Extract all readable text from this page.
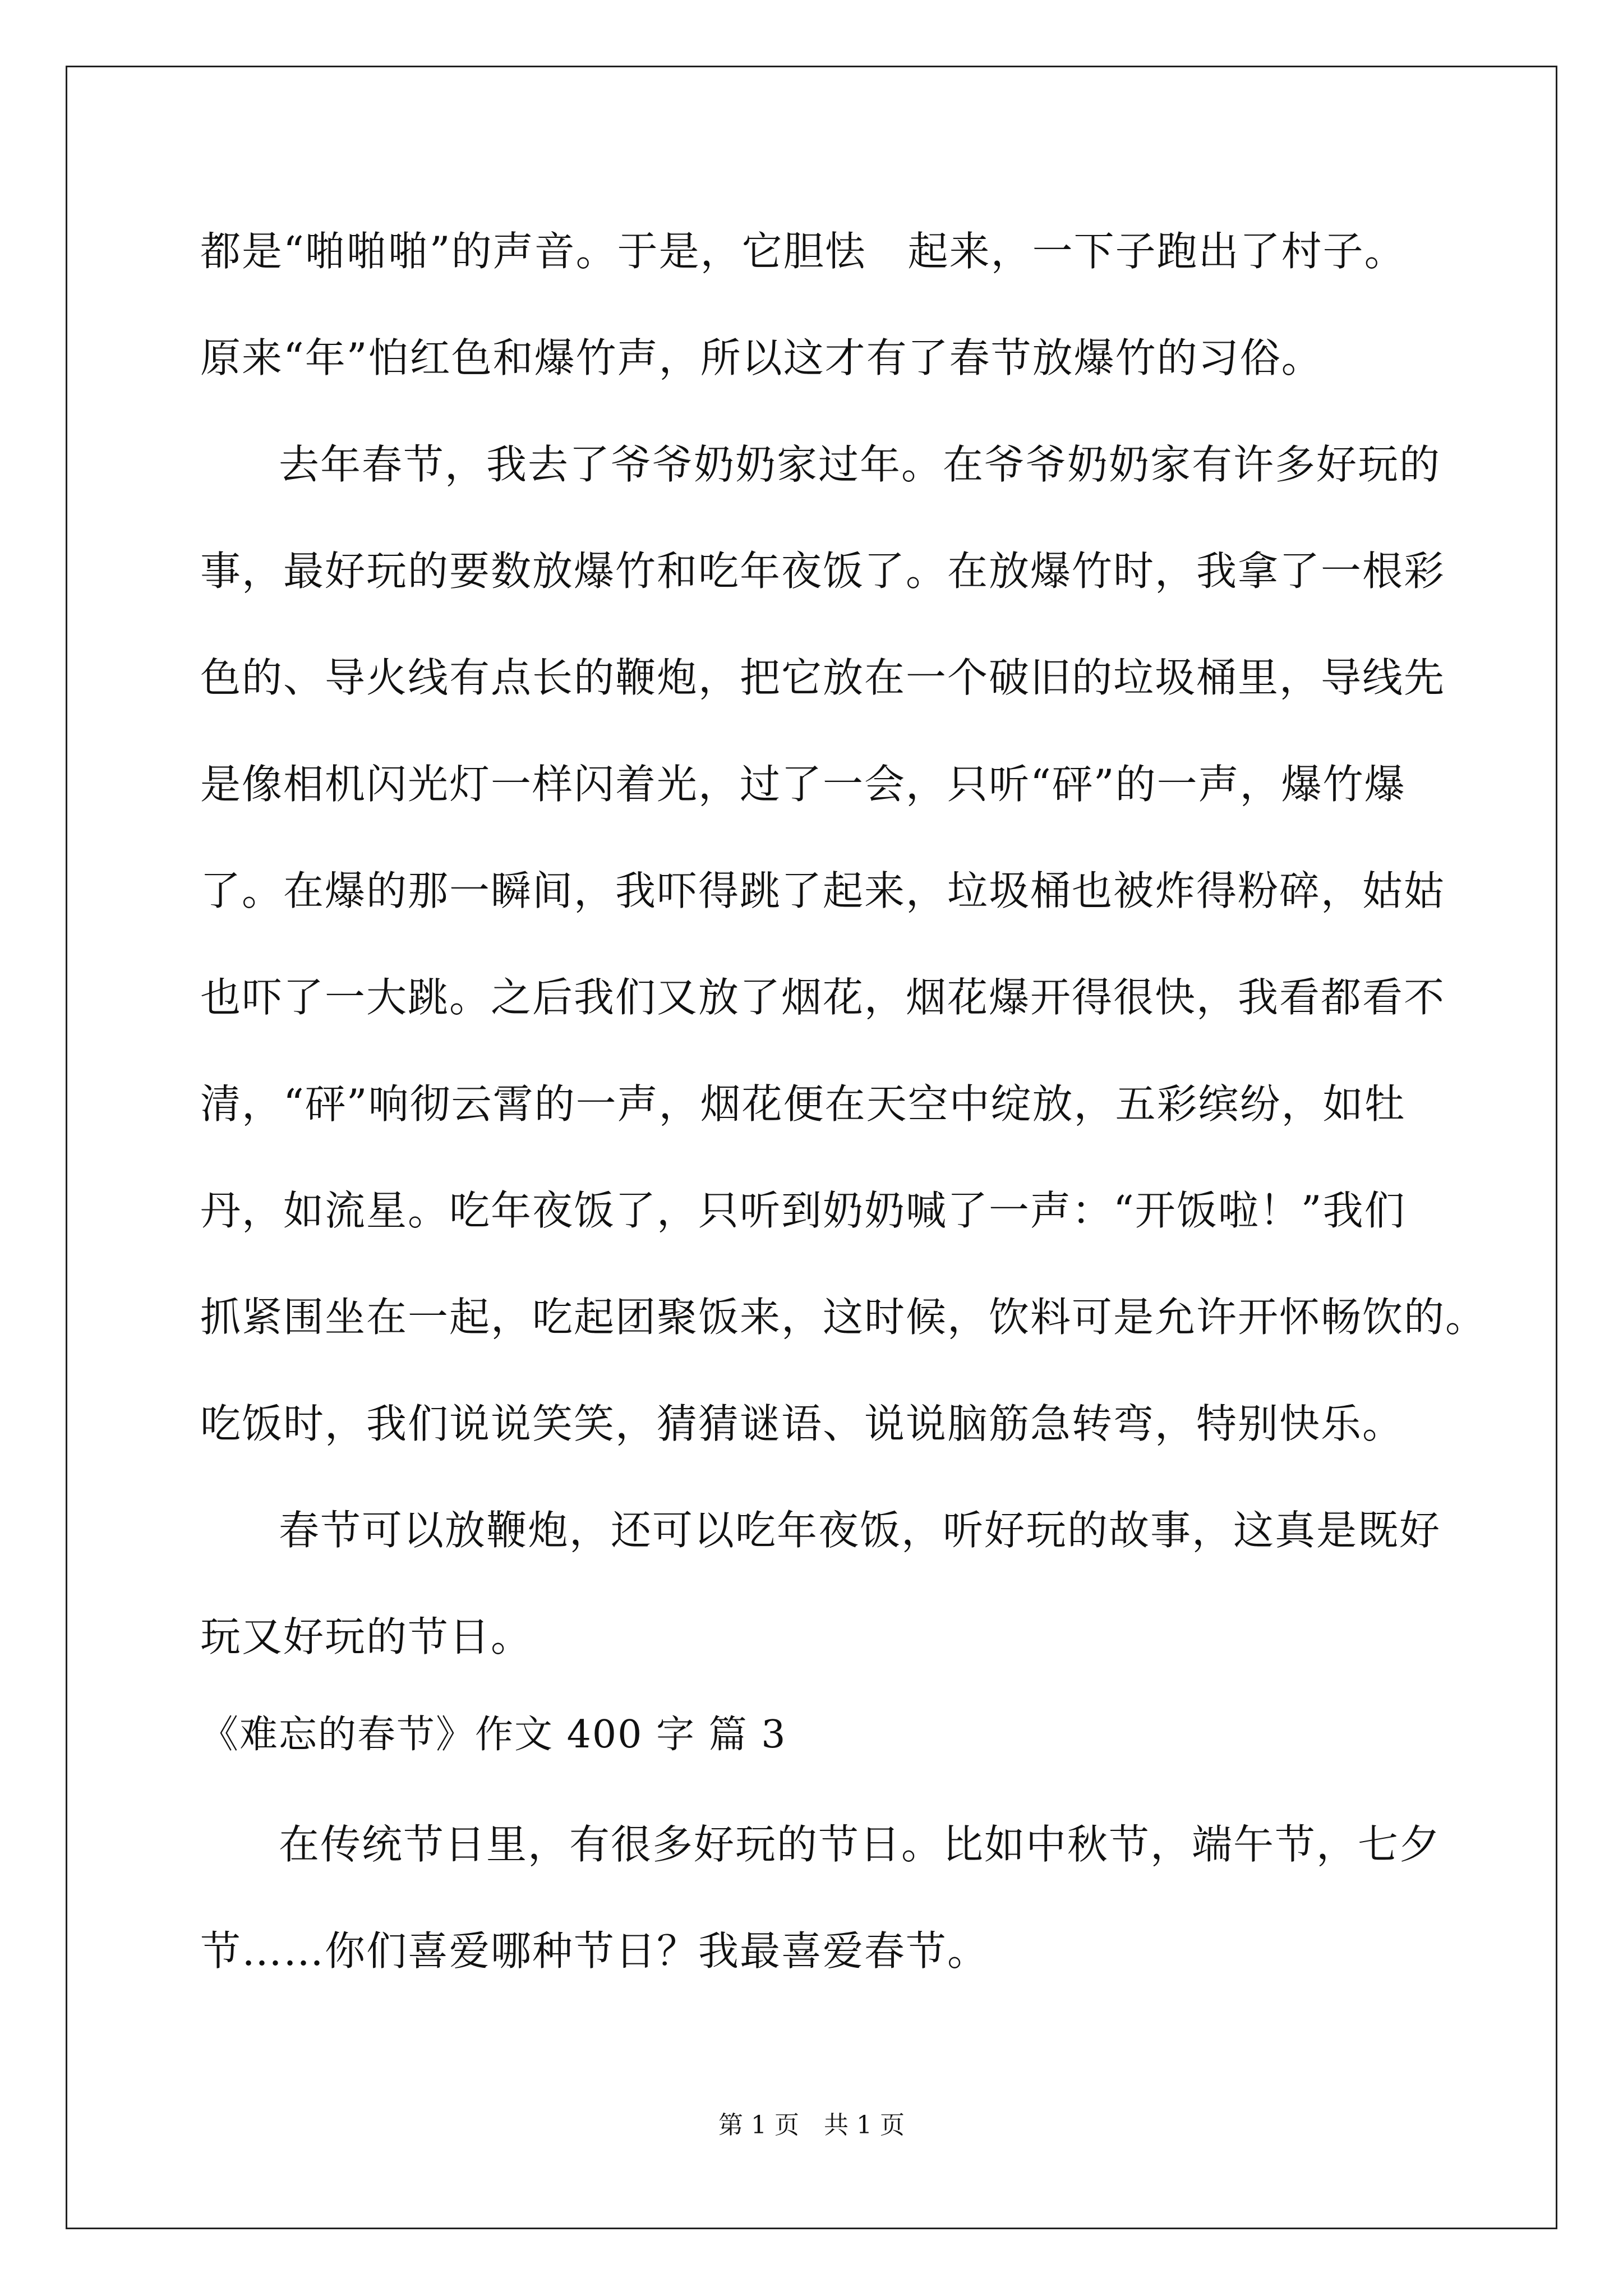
都是“啪啪啪”的声音。于是，它胆怯　起来，一下子跑出了村子。
原来“年”怕红色和爆竹声，所以这才有了春节放爆竹的习俗。
去年春节，我去了爷爷奶奶家过年。在爷爷奶奶家有许多好玩的
事，最好玩的要数放爆竹和吃年夜饭了。在放爆竹时，我拿了一根彩
色的、导火线有点长的鞭炮，把它放在一个破旧的垃圾桶里，导线先
是像相机闪光灯一样闪着光，过了一会，只听“砰”的一声，爆竹爆
了。在爆的那一瞬间，我吓得跳了起来，垃圾桶也被炸得粉碎，姑姑
也吓了一大跳。之后我们又放了烟花，烟花爆开得很快，我看都看不
清，“砰”响彻云霄的一声，烟花便在天空中绽放，五彩缤纷，如牡
丹，如流星。吃年夜饭了，只听到奶奶喊了一声：“开饭啦！”我们
抓紧围坐在一起，吃起团聚饭来，这时候，饮料可是允许开怀畅饮的。
吃饭时，我们说说笑笑，猜猜谜语、说说脑筋急转弯，特别快乐。
春节可以放鞭炮，还可以吃年夜饭，听好玩的故事，这真是既好
玩又好玩的节日。
《难忘的春节》作文 400 字 篇 3
在传统节日里，有很多好玩的节日。比如中秋节，端午节，七夕
节……你们喜爱哪种节日？我最喜爱春节。
第 1 页　共 1 页
